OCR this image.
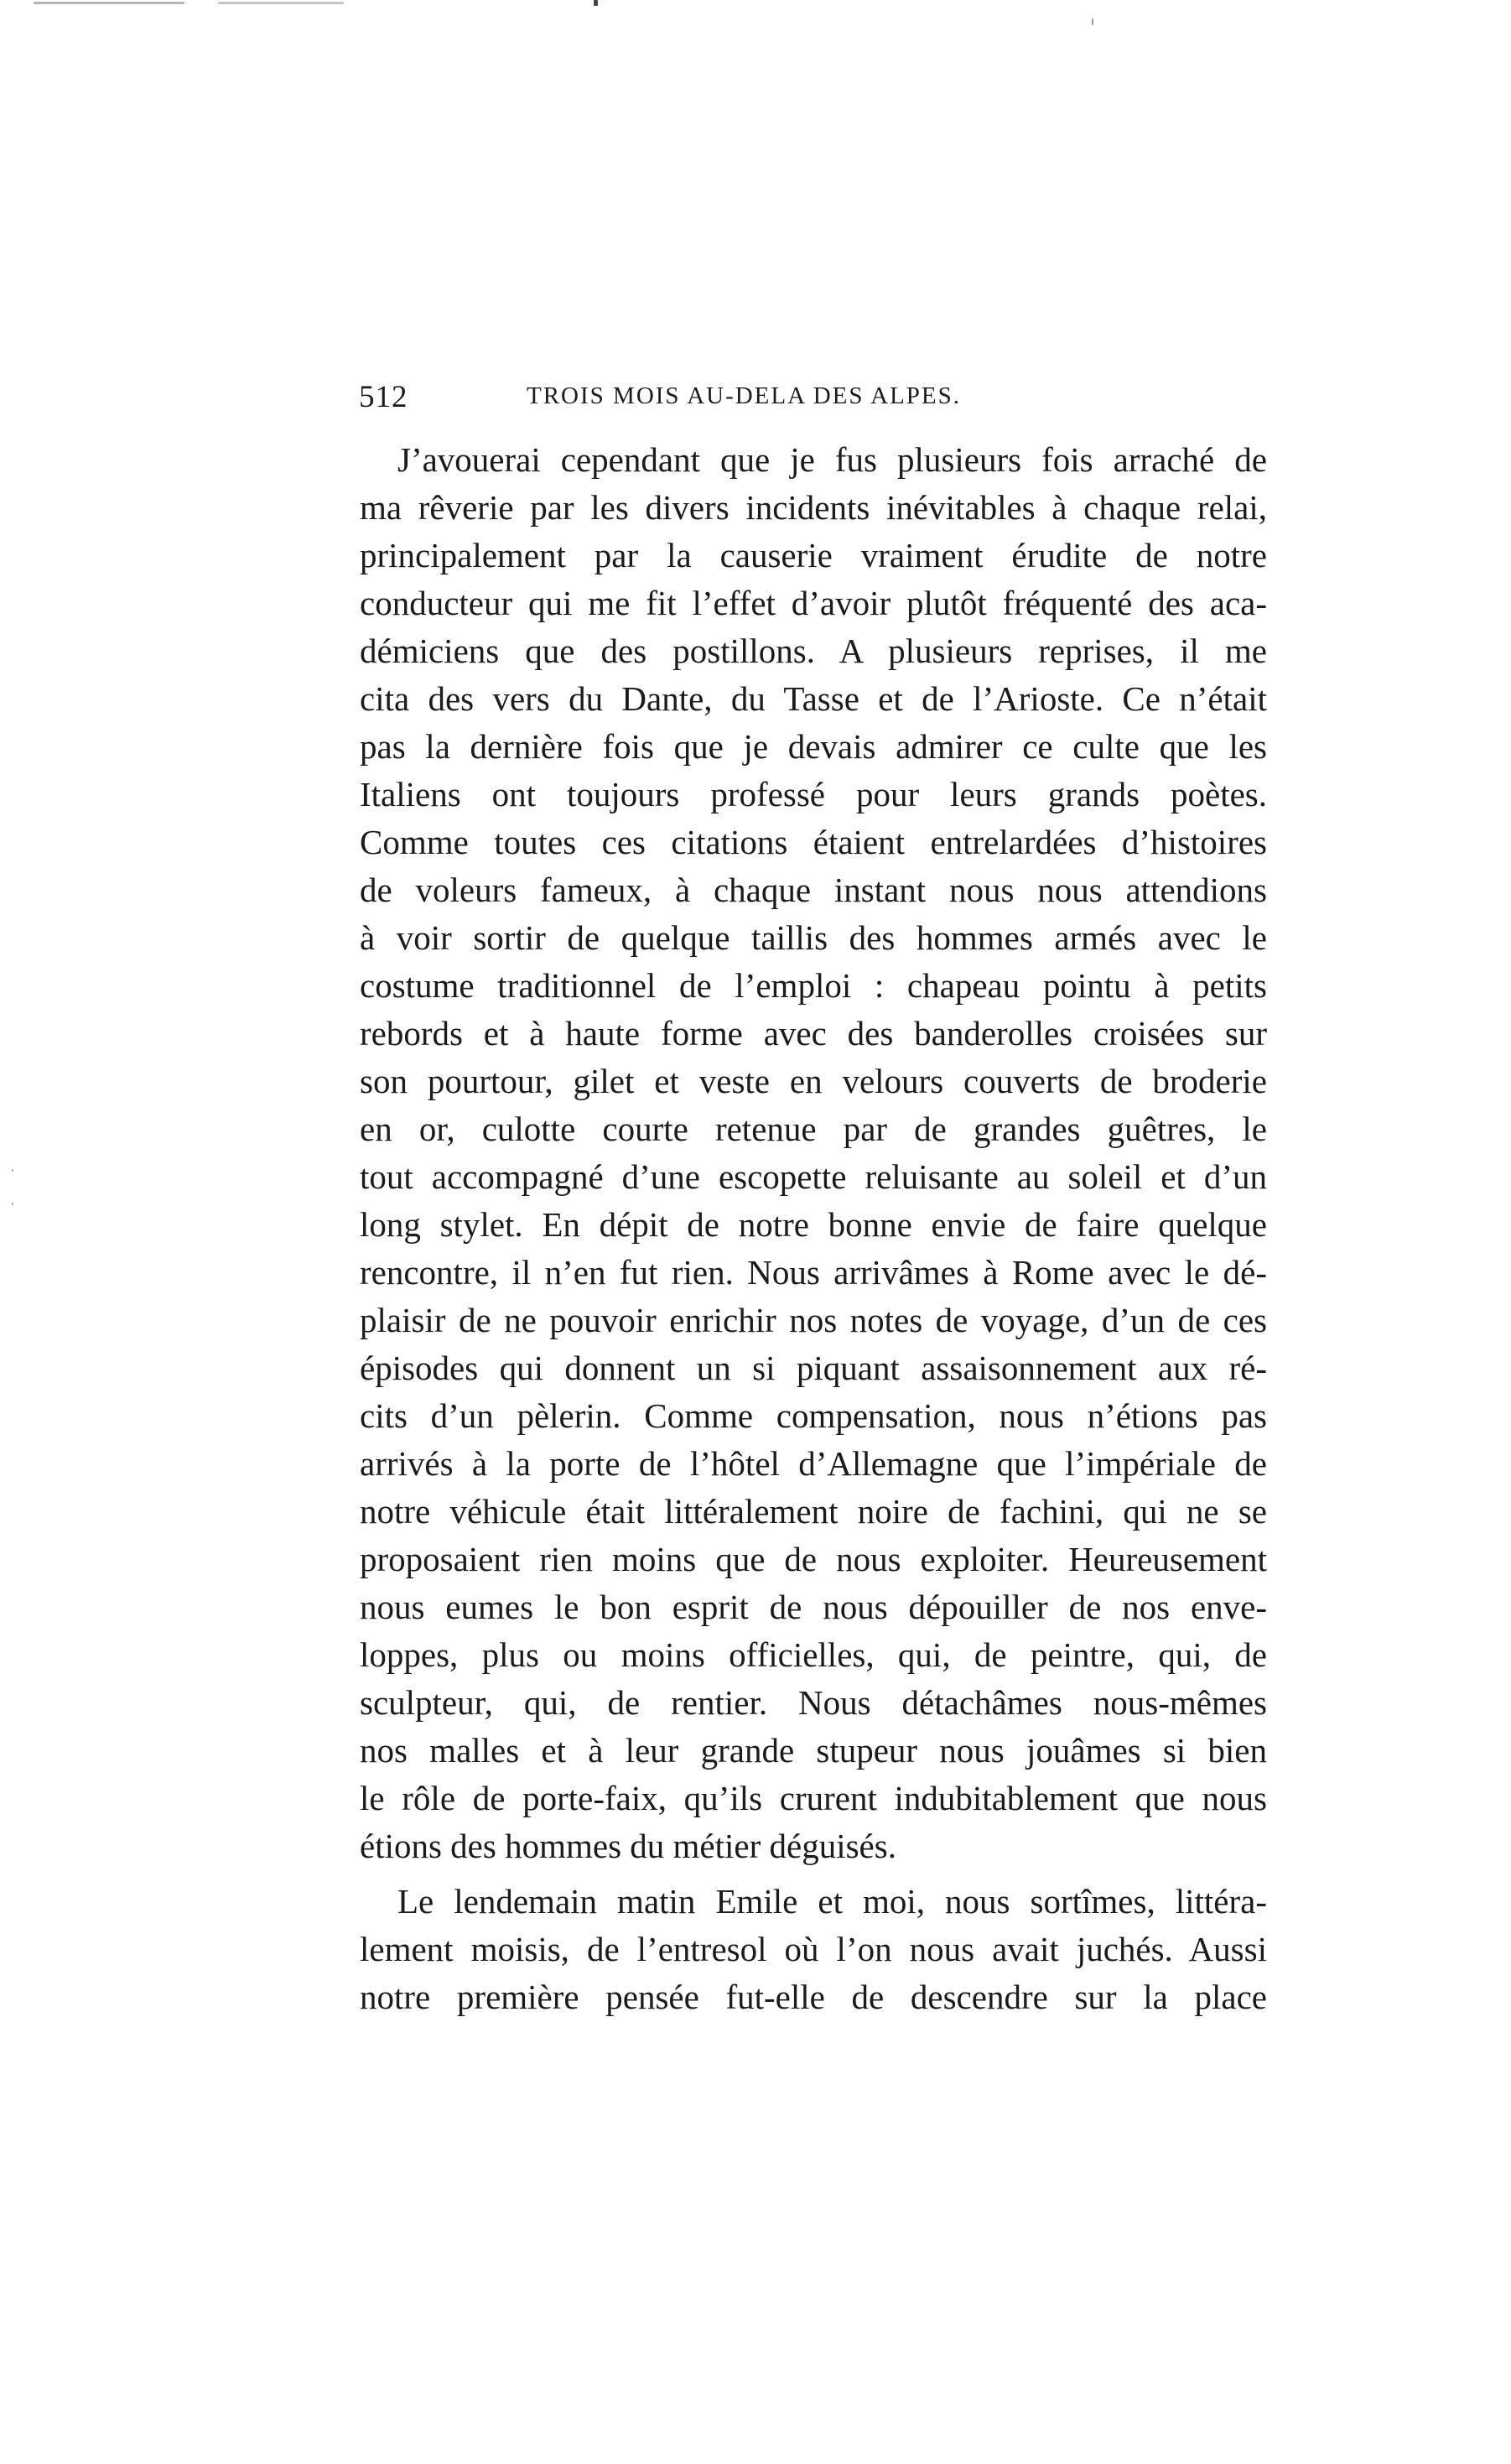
512	TROIS MOIS AU-DELA DES ALPES.
J’avouerai cependant que je fus plusieurs fois arraché de
ma rêverie par les divers incidents inévitables à chaque relai,
principalement par la causerie vraiment érudite de notre
conducteur qui me fit l’effet d’avoir plutôt fréquenté des aca-
démiciens que des postillons. A plusieurs reprises, il me
cita des vers du Dante, du Tasse et de l’Arioste. Ce n’était
pas la dernière fois que je devais admirer ce culte que les
Italiens ont toujours professé pour leurs grands poètes.
Comme toutes ces citations étaient entrelardées d’histoires
de voleurs fameux, à chaque instant nous nous attendions
à voir sortir de quelque taillis des hommes armés avec le
costume traditionnel de l’emploi : chapeau pointu à petits
rebords et à haute forme avec des banderolles croisées sur
son pourtour, gilet et veste en velours couverts de broderie
en or, culotte courte retenue par de grandes guêtres, le
tout accompagné d’une escopette reluisante au soleil et d’un
long stylet. En dépit de notre bonne envie de faire quelque
rencontre, il n’en fut rien. Nous arrivâmes à Rome avec le dé-
plaisir de ne pouvoir enrichir nos notes de voyage, d’un de ces
épisodes qui donnent un si piquant assaisonnement aux ré-
cits d’un pèlerin. Comme compensation, nous n’étions pas
arrivés à la porte de l’hôtel d’Allemagne que l’impériale de
notre véhicule était littéralement noire de fachini, qui ne se
proposaient rien moins que de nous exploiter. Heureusement
nous eumes le bon esprit de nous dépouiller de nos enve-
loppes, plus ou moins officielles, qui, de peintre, qui, de
sculpteur, qui, de rentier. Nous détachâmes nous-mêmes
nos malles et à leur grande stupeur nous jouâmes si bien
le rôle de porte-faix, qu’ils crurent indubitablement que nous
étions des hommes du métier déguisés.
Le lendemain matin Emile et moi, nous sortîmes, littéra-
lement moisis, de l’entresol où l’on nous avait juchés. Aussi
notre première pensée fut-elle de descendre sur la place
